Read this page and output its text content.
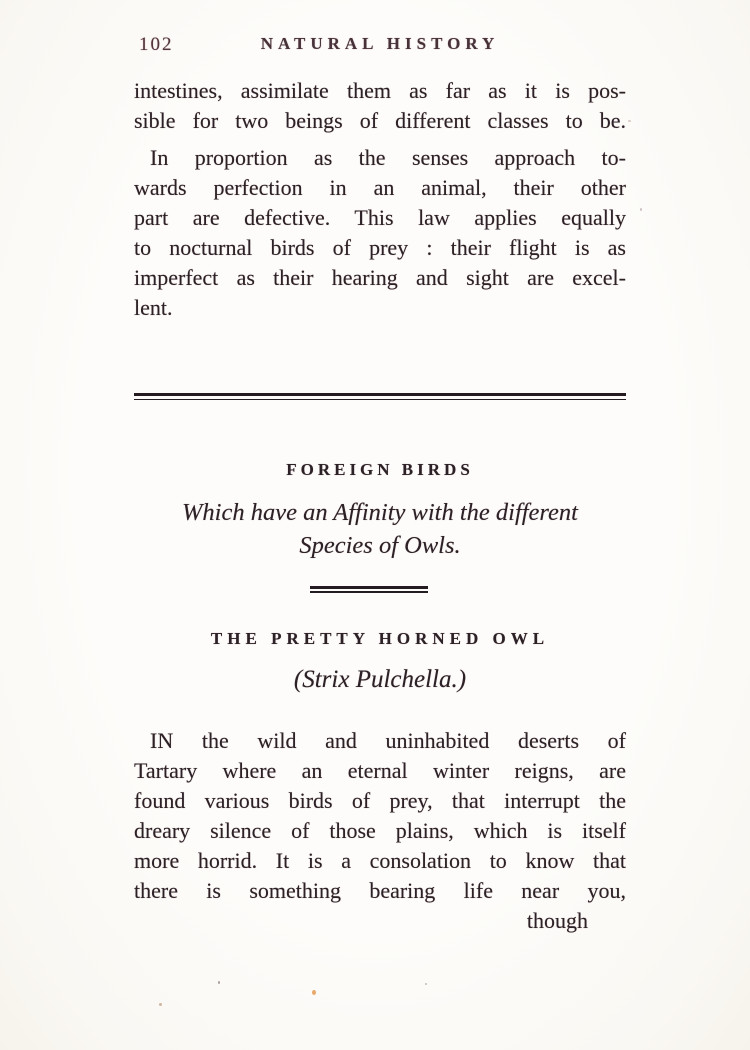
102	NATURAL HISTORY
intestines, assimilate them as far as it is pos-
sible for two beings of different classes to be.
In proportion as the senses approach to-
wards perfection in an animal, their other
part are defective. This law applies equally
to nocturnal birds of prey : their flight is as
imperfect as their hearing and sight are excel-
lent.
FOREIGN BIRDS
Which have an Affinity with the different
Species of Owls.
THE PRETTY HORNED OWL
(Strix Pulchella.)
IN the wild and uninhabited deserts of
Tartary where an eternal winter reigns, are
found various birds of prey, that interrupt the
dreary silence of those plains, which is itself
more horrid. It is a consolation to know that
there is something bearing life near you,
though
